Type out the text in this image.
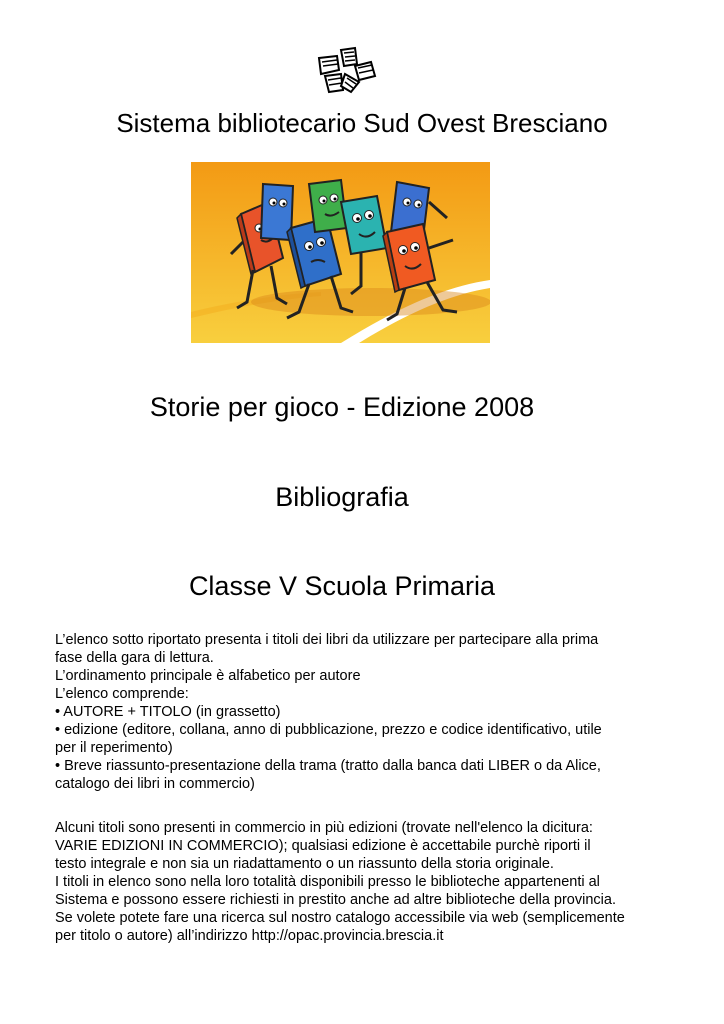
Sistema bibliotecario Sud Ovest Bresciano
Storie per gioco - Edizione 2008
Bibliografia
Classe V Scuola Primaria
L’elenco sotto riportato presenta i titoli dei libri da utilizzare per partecipare alla prima
fase della gara di lettura.
L’ordinamento principale è alfabetico per autore
L’elenco comprende:
• AUTORE + TITOLO (in grassetto)
• edizione (editore, collana, anno di pubblicazione, prezzo e codice identificativo, utile
per il reperimento)
• Breve riassunto-presentazione della trama (tratto dalla banca dati LIBER o da Alice,
catalogo dei libri in commercio)
Alcuni titoli sono presenti in commercio in più edizioni (trovate nell'elenco la dicitura:
VARIE EDIZIONI IN COMMERCIO); qualsiasi edizione è accettabile purchè riporti il
testo integrale e non sia un riadattamento o un riassunto della storia originale.
I titoli in elenco sono nella loro totalità disponibili presso le biblioteche appartenenti al
Sistema e possono essere richiesti in prestito anche ad altre biblioteche della provincia.
Se volete potete fare una ricerca sul nostro catalogo accessibile via web (semplicemente
per titolo o autore) all’indirizzo http://opac.provincia.brescia.it
